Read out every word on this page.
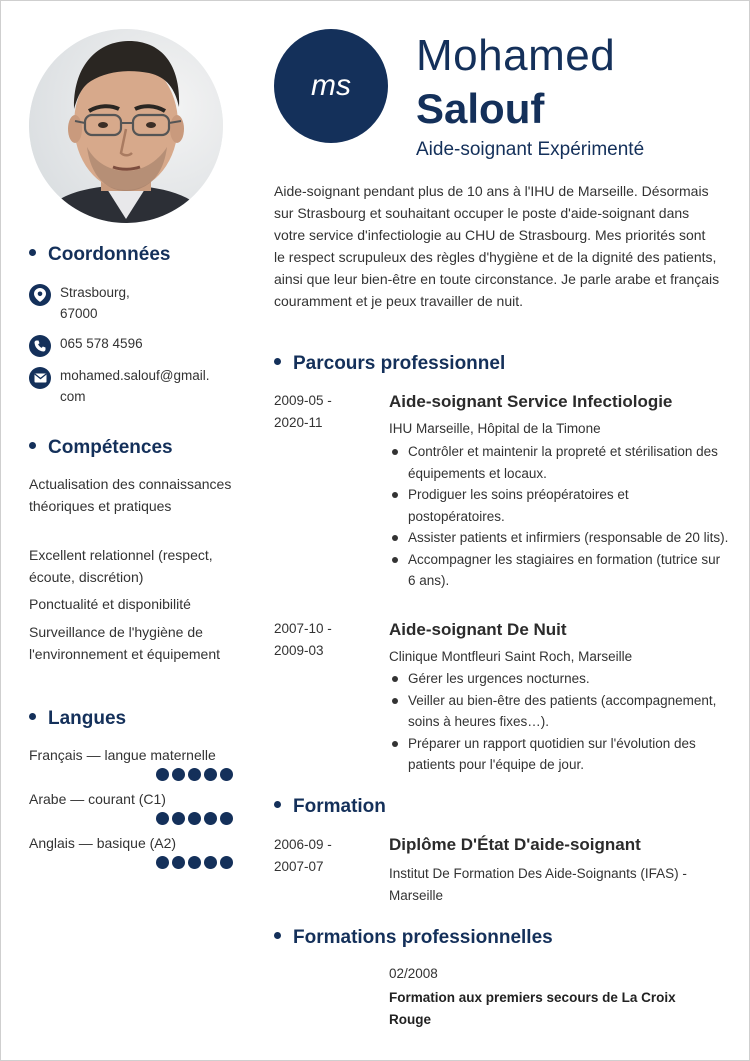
Coordonnées
Strasbourg,
67000
065 578 4596
mohamed.salouf@gmail.
com
Compétences
Actualisation des connaissances théoriques et pratiques
Excellent relationnel (respect, écoute, discrétion)
Ponctualité et disponibilité
Surveillance de l'hygiène de l'environnement et équipement
Langues
Français — langue maternelle
Arabe — courant (C1)
Anglais — basique (A2)
ms
Mohamed
Salouf
Aide-soignant Expérimenté
Aide-soignant pendant plus de 10 ans à l'IHU de Marseille. Désormais sur Strasbourg et souhaitant occuper le poste d'aide-soignant dans votre service d'infectiologie au CHU de Strasbourg. Mes priorités sont le respect scrupuleux des règles d'hygiène et de la dignité des patients, ainsi que leur bien-être en toute circonstance. Je parle arabe et français couramment et je peux travailler de nuit.
Parcours professionnel
2009-05 -
2020-11
Aide-soignant Service Infectiologie
IHU Marseille, Hôpital de la Timone
Contrôler et maintenir la propreté et stérilisation des équipements et locaux.
Prodiguer les soins préopératoires et postopératoires.
Assister patients et infirmiers (responsable de 20 lits).
Accompagner les stagiaires en formation (tutrice sur 6 ans).
2007-10 -
2009-03
Aide-soignant De Nuit
Clinique Montfleuri Saint Roch, Marseille
Gérer les urgences nocturnes.
Veiller au bien-être des patients (accompagnement, soins à heures fixes…).
Préparer un rapport quotidien sur l'évolution des patients pour l'équipe de jour.
Formation
2006-09 -
2007-07
Diplôme D'État D'aide-soignant
Institut De Formation Des Aide-Soignants (IFAS) - Marseille
Formations professionnelles
02/2008
Formation aux premiers secours de La Croix Rouge
